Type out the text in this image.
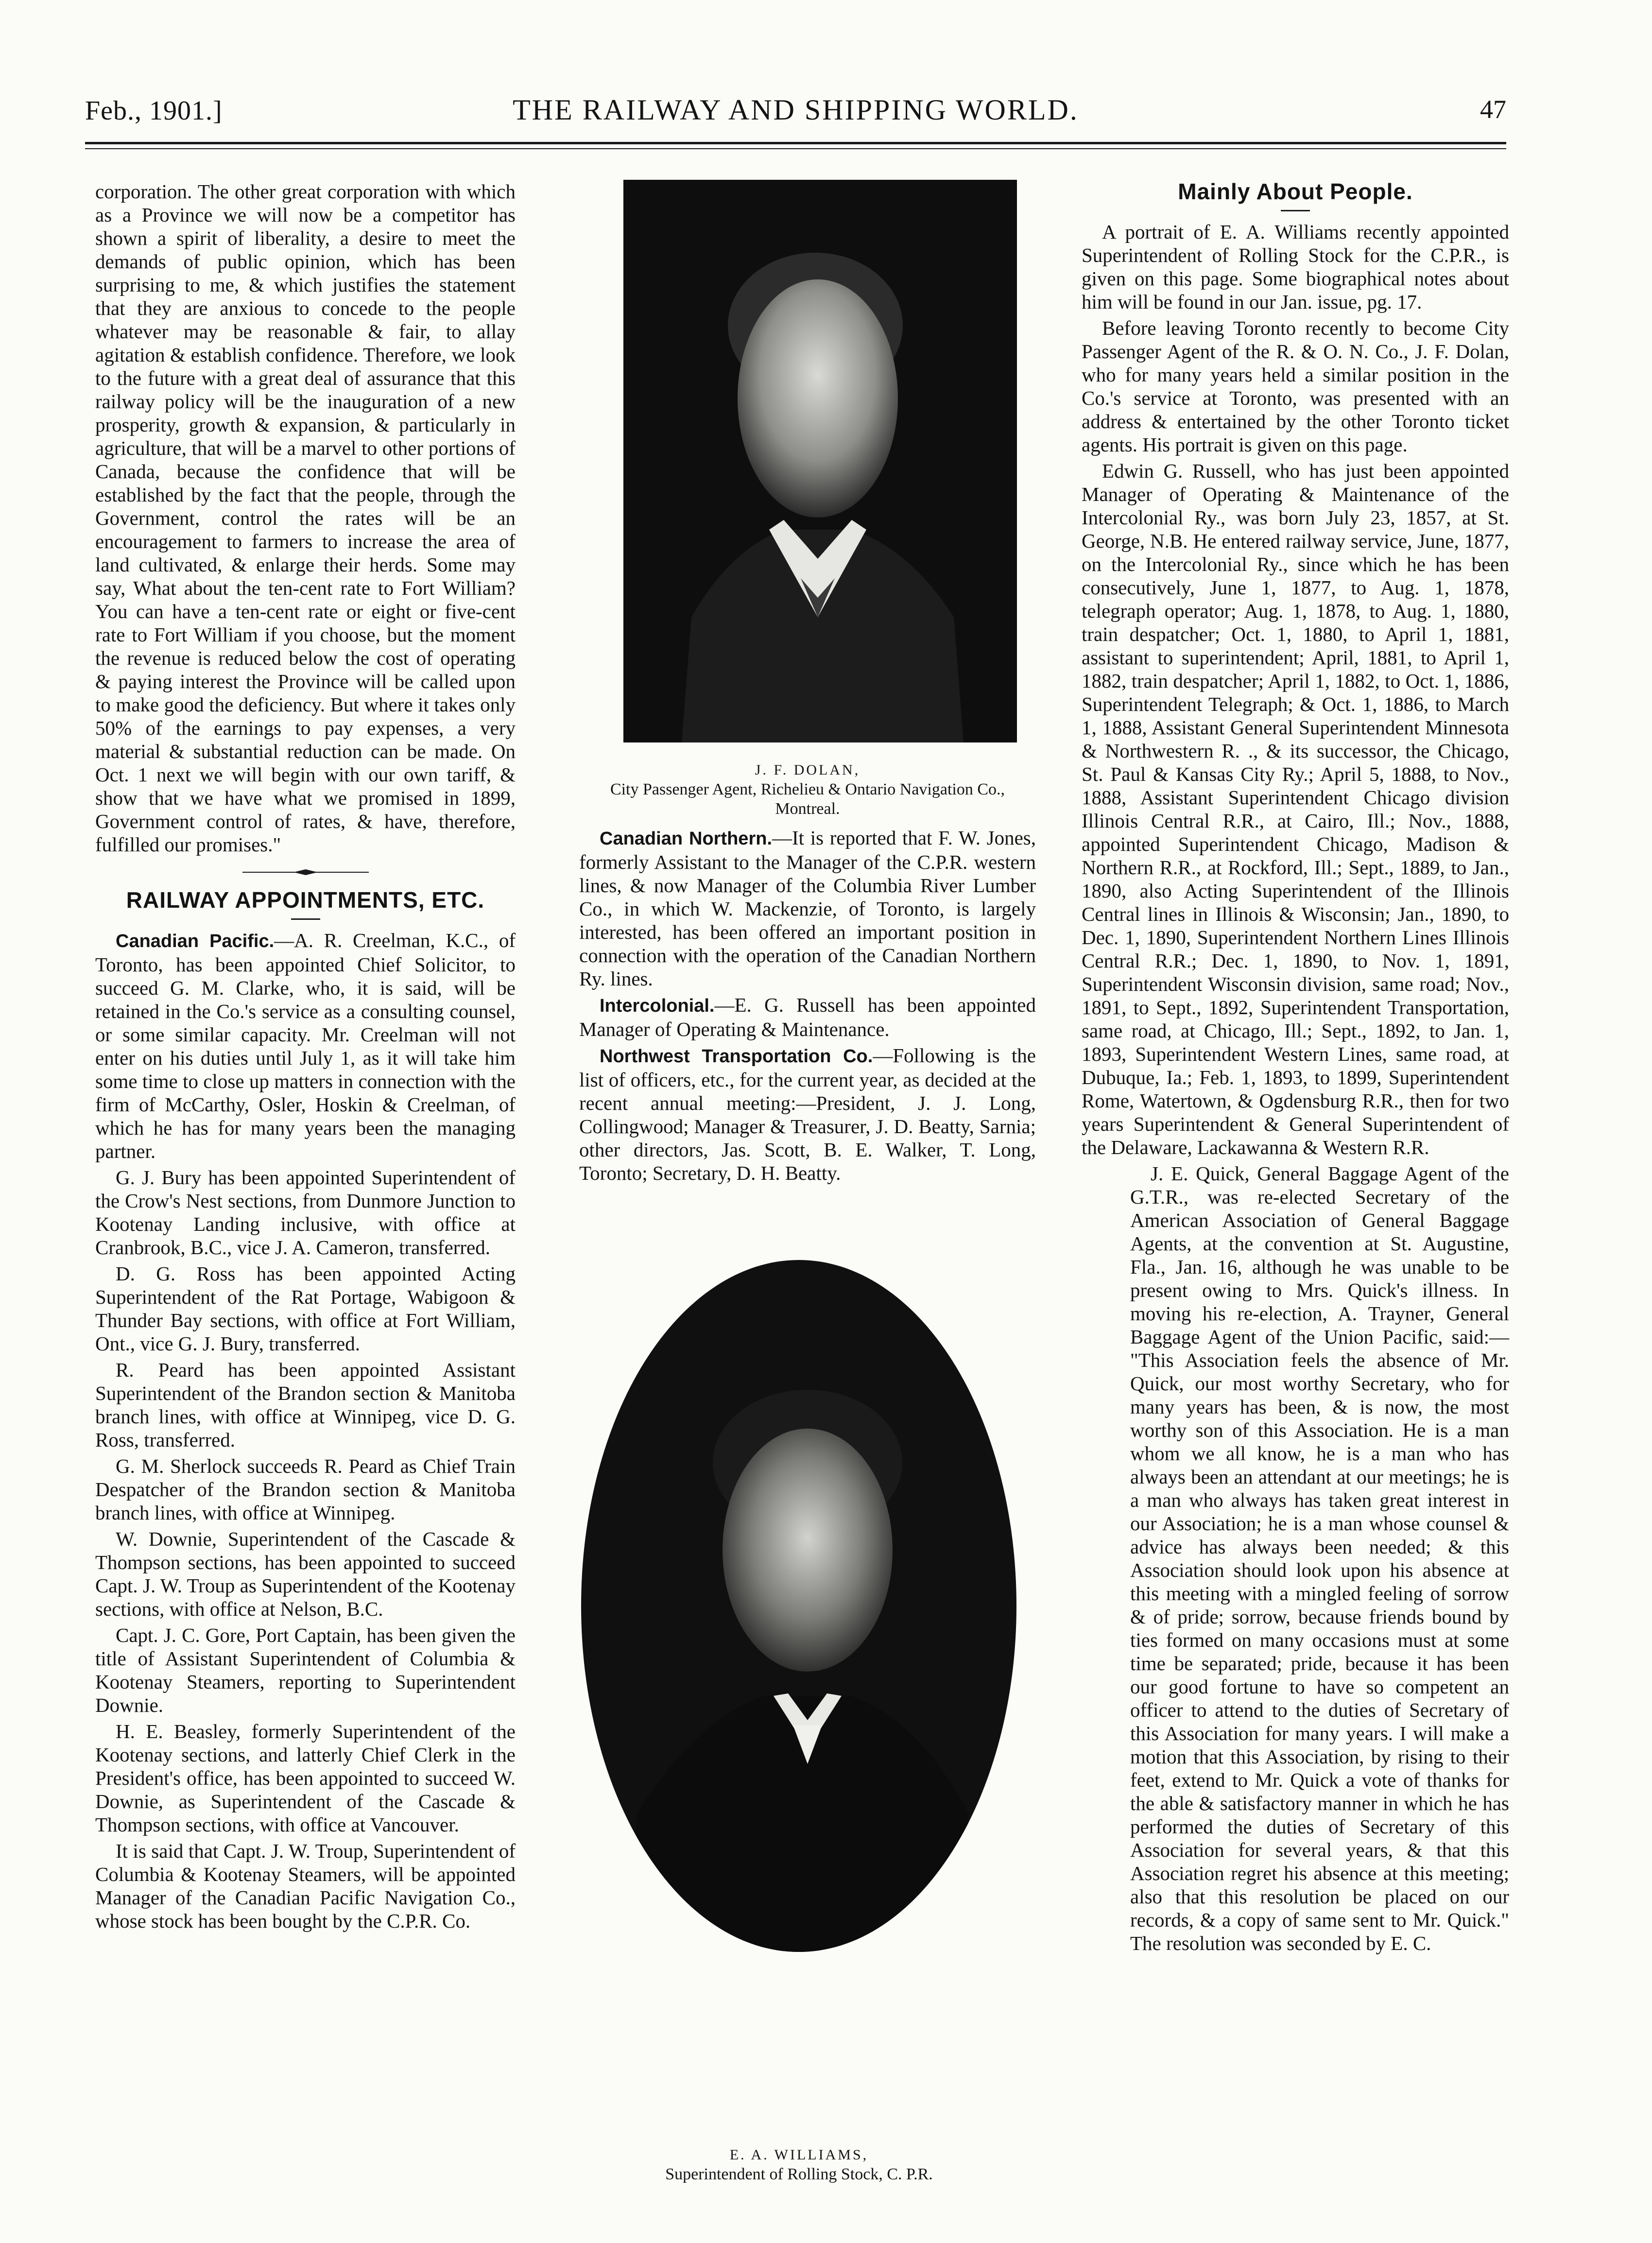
Feb., 1901.]	THE RAILWAY AND SHIPPING WORLD.	47

corporation. The other great corporation with which as a Province we will now be a competitor has shown a spirit of liberality, a desire to meet the demands of public opinion, which has been surprising to me, & which justifies the statement that they are anxious to concede to the people whatever may be reasonable & fair, to allay agitation & establish confidence. Therefore, we look to the future with a great deal of assurance that this railway policy will be the inauguration of a new prosperity, growth & expansion, & particularly in agriculture, that will be a marvel to other portions of Canada, because the confidence that will be established by the fact that the people, through the Government, control the rates will be an encouragement to farmers to increase the area of land cultivated, & enlarge their herds. Some may say, What about the ten-cent rate to Fort William? You can have a ten-cent rate or eight or five-cent rate to Fort William if you choose, but the moment the revenue is reduced below the cost of operating & paying interest the Province will be called upon to make good the deficiency. But where it takes only 50% of the earnings to pay expenses, a very material & substantial reduction can be made. On Oct. 1 next we will begin with our own tariff, & show that we have what we promised in 1899, Government control of rates, & have, therefore, fulfilled our promises."

RAILWAY APPOINTMENTS, ETC.

Canadian Pacific.—A. R. Creelman, K.C., of Toronto, has been appointed Chief Solicitor, to succeed G. M. Clarke, who, it is said, will be retained in the Co.'s service as a consulting counsel, or some similar capacity. Mr. Creelman will not enter on his duties until July 1, as it will take him some time to close up matters in connection with the firm of McCarthy, Osler, Hoskin & Creelman, of which he has for many years been the managing partner.

G. J. Bury has been appointed Superintendent of the Crow's Nest sections, from Dunmore Junction to Kootenay Landing inclusive, with office at Cranbrook, B.C., vice J. A. Cameron, transferred.

D. G. Ross has been appointed Acting Superintendent of the Rat Portage, Wabigoon & Thunder Bay sections, with office at Fort William, Ont., vice G. J. Bury, transferred.

R. Peard has been appointed Assistant Superintendent of the Brandon section & Manitoba branch lines, with office at Winnipeg, vice D. G. Ross, transferred.

G. M. Sherlock succeeds R. Peard as Chief Train Despatcher of the Brandon section & Manitoba branch lines, with office at Winnipeg.

W. Downie, Superintendent of the Cascade & Thompson sections, has been appointed to succeed Capt. J. W. Troup as Superintendent of the Kootenay sections, with office at Nelson, B.C.

Capt. J. C. Gore, Port Captain, has been given the title of Assistant Superintendent of Columbia & Kootenay Steamers, reporting to Superintendent Downie.

H. E. Beasley, formerly Superintendent of the Kootenay sections, and latterly Chief Clerk in the President's office, has been appointed to succeed W. Downie, as Superintendent of the Cascade & Thompson sections, with office at Vancouver.

It is said that Capt. J. W. Troup, Superintendent of Columbia & Kootenay Steamers, will be appointed Manager of the Canadian Pacific Navigation Co., whose stock has been bought by the C.P.R. Co.

J. F. DOLAN,
City Passenger Agent, Richelieu & Ontario Navigation Co., Montreal.

Canadian Northern.—It is reported that F. W. Jones, formerly Assistant to the Manager of the C.P.R. western lines, & now Manager of the Columbia River Lumber Co., in which W. Mackenzie, of Toronto, is largely interested, has been offered an important position in connection with the operation of the Canadian Northern Ry. lines.

Intercolonial.—E. G. Russell has been appointed Manager of Operating & Maintenance.

Northwest Transportation Co.—Following is the list of officers, etc., for the current year, as decided at the recent annual meeting:—President, J. J. Long, Collingwood; Manager & Treasurer, J. D. Beatty, Sarnia; other directors, Jas. Scott, B. E. Walker, T. Long, Toronto; Secretary, D. H. Beatty.

E. A. WILLIAMS,
Superintendent of Rolling Stock, C. P.R.
Mainly About People.

A portrait of E. A. Williams recently appointed Superintendent of Rolling Stock for the C.P.R., is given on this page. Some biographical notes about him will be found in our Jan. issue, pg. 17.

Before leaving Toronto recently to become City Passenger Agent of the R. & O. N. Co., J. F. Dolan, who for many years held a similar position in the Co.'s service at Toronto, was presented with an address & entertained by the other Toronto ticket agents. His portrait is given on this page.

Edwin G. Russell, who has just been appointed Manager of Operating & Maintenance of the Intercolonial Ry., was born July 23, 1857, at St. George, N.B. He entered railway service, June, 1877, on the Intercolonial Ry., since which he has been consecutively, June 1, 1877, to Aug. 1, 1878, telegraph operator; Aug. 1, 1878, to Aug. 1, 1880, train despatcher; Oct. 1, 1880, to April 1, 1881, assistant to superintendent; April, 1881, to April 1, 1882, train despatcher; April 1, 1882, to Oct. 1, 1886, Superintendent Telegraph; & Oct. 1, 1886, to March 1, 1888, Assistant General Superintendent Minnesota & Northwestern R. ., & its successor, the Chicago, St. Paul & Kansas City Ry.; April 5, 1888, to Nov., 1888, Assistant Superintendent Chicago division Illinois Central R.R., at Cairo, Ill.; Nov., 1888, appointed Superintendent Chicago, Madison & Northern R.R., at Rockford, Ill.; Sept., 1889, to Jan., 1890, also Acting Superintendent of the Illinois Central lines in Illinois & Wisconsin; Jan., 1890, to Dec. 1, 1890, Superintendent Northern Lines Illinois Central R.R.; Dec. 1, 1890, to Nov. 1, 1891, Superintendent Wisconsin division, same road; Nov., 1891, to Sept., 1892, Superintendent Transportation, same road, at Chicago, Ill.; Sept., 1892, to Jan. 1, 1893, Superintendent Western Lines, same road, at Dubuque, Ia.; Feb. 1, 1893, to 1899, Superintendent Rome, Watertown, & Ogdensburg R.R., then for two years Superintendent & General Superintendent of the Delaware, Lackawanna & Western R.R.

J. E. Quick, General Baggage Agent of the G.T.R., was re-elected Secretary of the American Association of General Baggage Agents, at the convention at St. Augustine, Fla., Jan. 16, although he was unable to be present owing to Mrs. Quick's illness. In moving his re-election, A. Trayner, General Baggage Agent of the Union Pacific, said:— "This Association feels the absence of Mr. Quick, our most worthy Secretary, who for many years has been, & is now, the most worthy son of this Association. He is a man whom we all know, he is a man who has always been an attendant at our meetings; he is a man who always has taken great interest in our Association; he is a man whose counsel & advice has always been needed; & this Association should look upon his absence at this meeting with a mingled feeling of sorrow & of pride; sorrow, because friends bound by ties formed on many occasions must at some time be separated; pride, because it has been our good fortune to have so competent an officer to attend to the duties of Secretary of this Association for many years. I will make a motion that this Association, by rising to their feet, extend to Mr. Quick a vote of thanks for the able & satisfactory manner in which he has performed the duties of Secretary of this Association for several years, & that this Association regret his absence at this meeting; also that this resolution be placed on our records, & a copy of same sent to Mr. Quick." The resolution was seconded by E. C.
